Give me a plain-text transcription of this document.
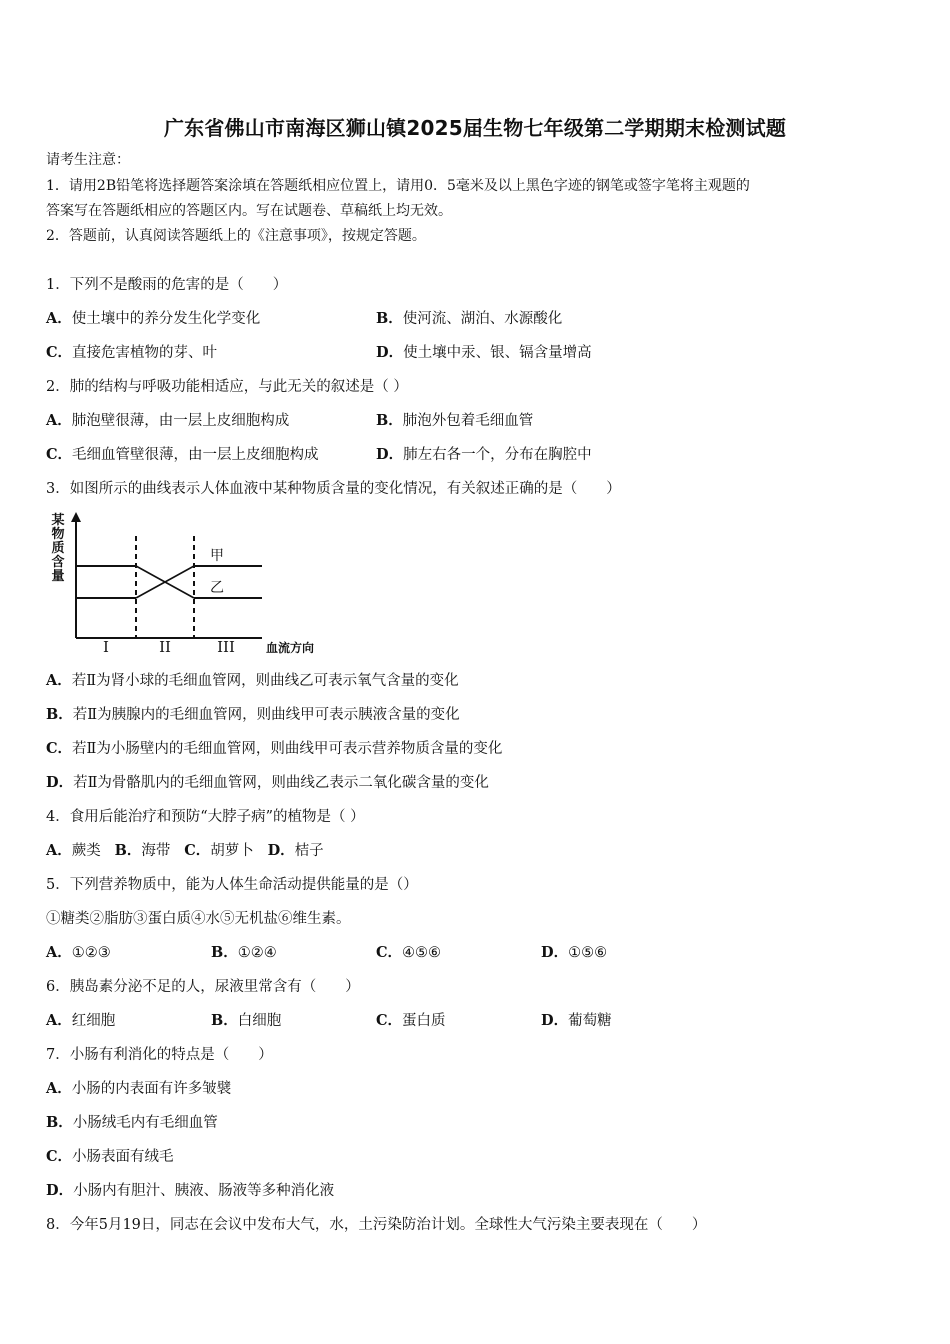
广东省佛山市南海区狮山镇2025届生物七年级第二学期期末检测试题
请考生注意：
1．请用2B铅笔将选择题答案涂填在答题纸相应位置上，请用0．5毫米及以上黑色字迹的钢笔或签字笔将主观题的
答案写在答题纸相应的答题区内。写在试题卷、草稿纸上均无效。
2．答题前，认真阅读答题纸上的《注意事项》，按规定答题。
1．下列不是酸雨的危害的是（　　）
A．使土壤中的养分发生化学变化	B．使河流、湖泊、水源酸化
C．直接危害植物的芽、叶	D．使土壤中汞、银、镉含量增高
2．肺的结构与呼吸功能相适应，与此无关的叙述是（ ）
A．肺泡壁很薄，由一层上皮细胞构成	B．肺泡外包着毛细血管
C．毛细血管壁很薄，由一层上皮细胞构成	D．肺左右各一个，分布在胸腔中
3．如图所示的曲线表示人体血液中某种物质含量的变化情况，有关叙述正确的是（　　）
某物质含量
甲
乙
I	II	III	血流方向
A．若Ⅱ为肾小球的毛细血管网，则曲线乙可表示氧气含量的变化
B．若Ⅱ为胰腺内的毛细血管网，则曲线甲可表示胰液含量的变化
C．若Ⅱ为小肠壁内的毛细血管网，则曲线甲可表示营养物质含量的变化
D．若Ⅱ为骨骼肌内的毛细血管网，则曲线乙表示二氧化碳含量的变化
4．食用后能治疗和预防“大脖子病”的植物是（ ）
A．蕨类 B．海带 C．胡萝卜 D．桔子
5．下列营养物质中，能为人体生命活动提供能量的是（）
①糖类②脂肪③蛋白质④水⑤无机盐⑥维生素。
A．①②③	B．①②④	C．④⑤⑥	D．①⑤⑥
6．胰岛素分泌不足的人，尿液里常含有（　　）
A．红细胞	B．白细胞	C．蛋白质	D．葡萄糖
7．小肠有利消化的特点是（　　）
A．小肠的内表面有许多皱襞
B．小肠绒毛内有毛细血管
C．小肠表面有绒毛
D．小肠内有胆汁、胰液、肠液等多种消化液
8．今年5月19日，同志在会议中发布大气，水，土污染防治计划。全球性大气污染主要表现在（　　）
